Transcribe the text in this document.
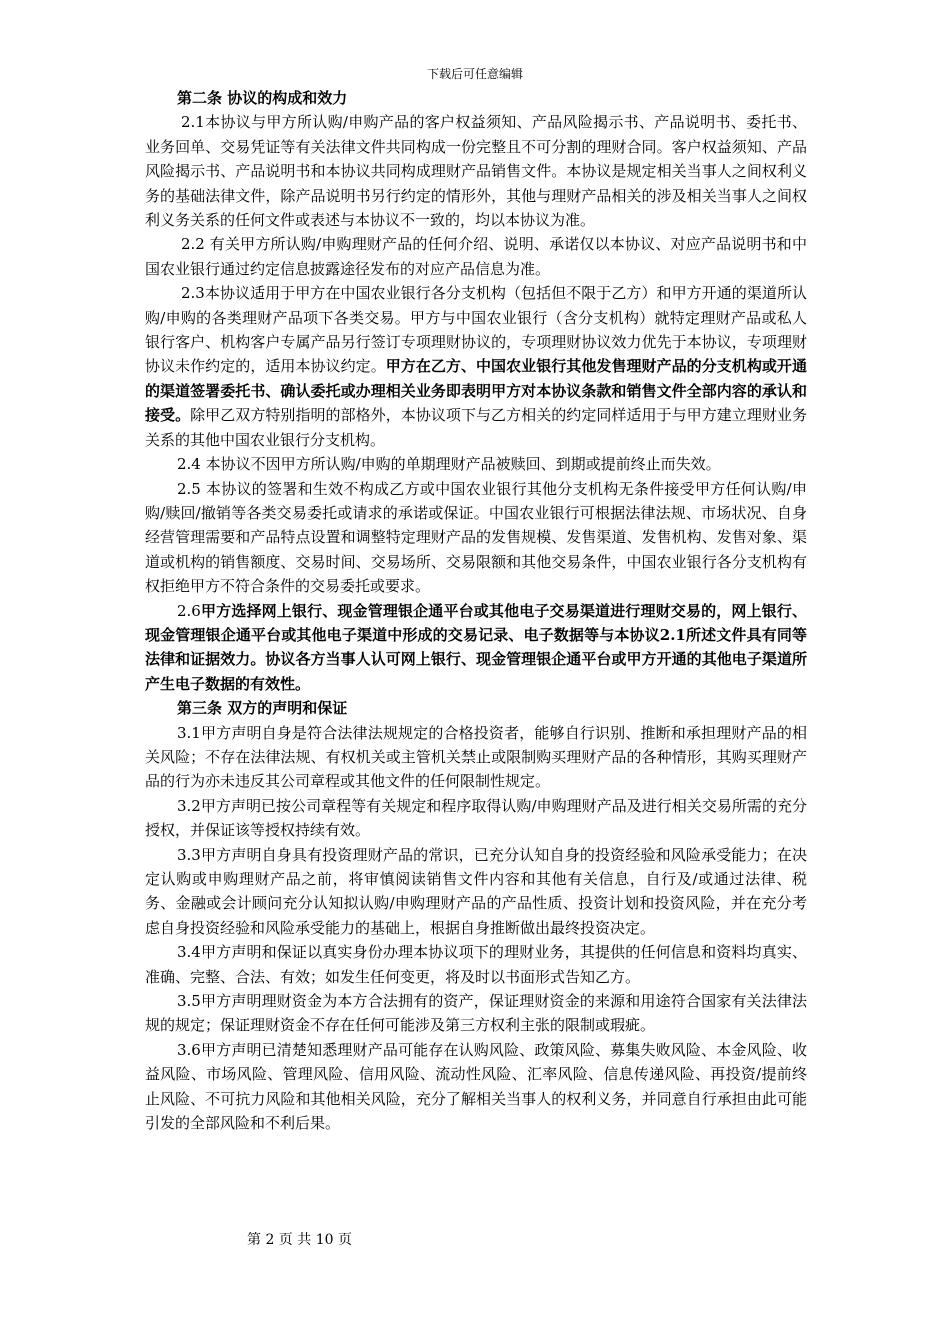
下载后可任意编辑

第二条 协议的构成和效力

2.1本协议与甲方所认购/申购产品的客户权益须知、产品风险揭示书、产品说明书、委托书、业务回单、交易凭证等有关法律文件共同构成一份完整且不可分割的理财合同。客户权益须知、产品风险揭示书、产品说明书和本协议共同构成理财产品销售文件。本协议是规定相关当事人之间权利义务的基础法律文件，除产品说明书另行约定的情形外，其他与理财产品相关的涉及相关当事人之间权利义务关系的任何文件或表述与本协议不一致的，均以本协议为准。

2.2 有关甲方所认购/申购理财产品的任何介绍、说明、承诺仅以本协议、对应产品说明书和中国农业银行通过约定信息披露途径发布的对应产品信息为准。

2.3本协议适用于甲方在中国农业银行各分支机构（包括但不限于乙方）和甲方开通的渠道所认购/申购的各类理财产品项下各类交易。甲方与中国农业银行（含分支机构）就特定理财产品或私人银行客户、机构客户专属产品另行签订专项理财协议的，专项理财协议效力优先于本协议，专项理财协议未作约定的，适用本协议约定。甲方在乙方、中国农业银行其他发售理财产品的分支机构或开通的渠道签署委托书、确认委托或办理相关业务即表明甲方对本协议条款和销售文件全部内容的承认和接受。除甲乙双方特别指明的部格外，本协议项下与乙方相关的约定同样适用于与甲方建立理财业务关系的其他中国农业银行分支机构。

2.4 本协议不因甲方所认购/申购的单期理财产品被赎回、到期或提前终止而失效。

2.5 本协议的签署和生效不构成乙方或中国农业银行其他分支机构无条件接受甲方任何认购/申购/赎回/撤销等各类交易委托或请求的承诺或保证。中国农业银行可根据法律法规、市场状况、自身经营管理需要和产品特点设置和调整特定理财产品的发售规模、发售渠道、发售机构、发售对象、渠道或机构的销售额度、交易时间、交易场所、交易限额和其他交易条件，中国农业银行各分支机构有权拒绝甲方不符合条件的交易委托或要求。

2.6甲方选择网上银行、现金管理银企通平台或其他电子交易渠道进行理财交易的，网上银行、现金管理银企通平台或其他电子渠道中形成的交易记录、电子数据等与本协议2.1所述文件具有同等法律和证据效力。协议各方当事人认可网上银行、现金管理银企通平台或甲方开通的其他电子渠道所产生电子数据的有效性。

第三条 双方的声明和保证

3.1甲方声明自身是符合法律法规规定的合格投资者，能够自行识别、推断和承担理财产品的相关风险；不存在法律法规、有权机关或主管机关禁止或限制购买理财产品的各种情形，其购买理财产品的行为亦未违反其公司章程或其他文件的任何限制性规定。

3.2甲方声明已按公司章程等有关规定和程序取得认购/申购理财产品及进行相关交易所需的充分授权，并保证该等授权持续有效。

3.3甲方声明自身具有投资理财产品的常识，已充分认知自身的投资经验和风险承受能力；在决定认购或申购理财产品之前，将审慎阅读销售文件内容和其他有关信息，自行及/或通过法律、税务、金融或会计顾问充分认知拟认购/申购理财产品的产品性质、投资计划和投资风险，并在充分考虑自身投资经验和风险承受能力的基础上，根据自身推断做出最终投资决定。

3.4甲方声明和保证以真实身份办理本协议项下的理财业务，其提供的任何信息和资料均真实、准确、完整、合法、有效；如发生任何变更，将及时以书面形式告知乙方。

3.5甲方声明理财资金为本方合法拥有的资产，保证理财资金的来源和用途符合国家有关法律法规的规定；保证理财资金不存在任何可能涉及第三方权利主张的限制或瑕疵。

3.6甲方声明已清楚知悉理财产品可能存在认购风险、政策风险、募集失败风险、本金风险、收益风险、市场风险、管理风险、信用风险、流动性风险、汇率风险、信息传递风险、再投资/提前终止风险、不可抗力风险和其他相关风险，充分了解相关当事人的权利义务，并同意自行承担由此可能引发的全部风险和不利后果。

第 2 页 共 10 页
